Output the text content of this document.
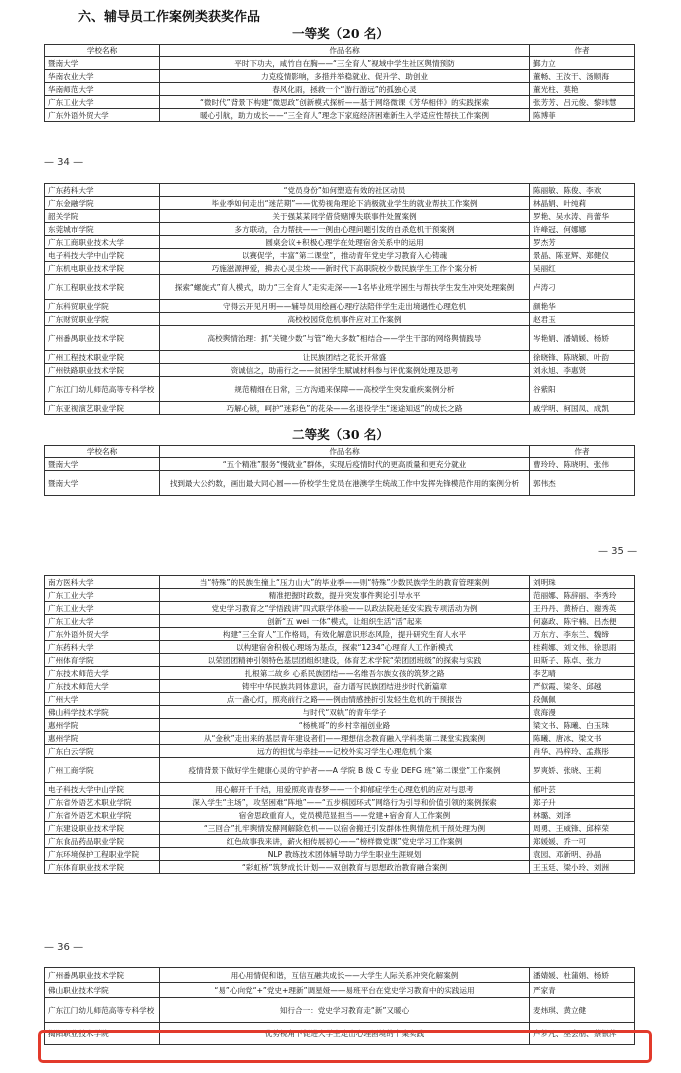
六、辅导员工作案例类获奖作品
一等奖（20 名）
学校名称	作品名称	作者
暨南大学	平时下功夫，咸竹自在胸——“三全育人”视域中学生社区舆情预防	鄞力立
华南农业大学	力克疫情影响，多措并举稳就业、促升学、助创业	董畅、王汝干、汤顺海
华南师范大学	春风化雨，拯救一个“游行游远”的孤独心灵	董光柱、莫艳
广东工业大学	“微时代”背景下构建“微思政”创新模式探析——基于网络微课《芳华相伴》的实践探索	张芳芳、吕元俊、黎玮慧
广东外语外贸大学	暖心引航，助力成长——“三全育人”理念下家庭经济困难新生入学适应性帮扶工作案例	陈博菲
— 34 —
广东药科大学	“党员身份”如何塑造有效的社区动员	陈丽敏、陈俊、李欢
广东金融学院	毕业季如何走出“迷茫期”——优势视角理论下消极就业学生的就业帮扶工作案例	林晶娟、叶纯莉
韶关学院	关于强某某同学借贷赌博失联事件处置案例	罗艳、吴水涛、肖蕾华
东莞城市学院	多方联动，合力帮扶——一例由心理问题引发的自杀危机干预案例	许峰冠、何娜娜
广东工商职业技术大学	圆桌会议+积极心理学在处理宿舍关系中的运用	罗杰芳
电子科技大学中山学院	以赛促学，丰富“第二课堂”，推动青年党史学习教育入心铸魂	景晶、陈亚辉、郑健仪
广东机电职业技术学院	巧施滋源押爱，拂去心灵尘埃——新时代下高职院校少数民族学生工作个案分析	吴丽红
广东工程职业技术学院	探索“螺旋式”育人模式，助力“三全育人”走实走深——1名毕业班学困生与帮扶学生发生冲突处理案例	卢涛刁
广东科贸职业学院	守得云开见月明——辅导员用绘画心理疗法陪伴学生走出境遇性心理危机	颜艳华
广东财贸职业学院	高校校园贷危机事件应对工作案例	赵君玉
广州番禺职业技术学院	高校舆情治理：抓“关键少数”与管“绝大多数”相结合——学生干部的网络舆情践导	岑艳娟、潘婧媛、杨娇
广州工程技术职业学院	让民族团结之花长开常盛	徐晓锋、陈晓颖、叶韵
广州铁路职业技术学院	资诚信之，助甫行之——贫困学生赋诚材料参与评优案例处理及思考	刘永旭、李惠贤
广东江门幼儿师范高等专科学校	规范精细在日常，三方沟通来保障——高校学生突发重疾案例分析	谷紫阳
广东亚视演艺职业学院	巧解心锁，呵护“迷彩色”的花朵——名退役学生“迷途知返”的成长之路	戚学明、柯国凤、成凯
二等奖（30 名）
学校名称	作品名称	作者
暨南大学	“五个精准”服务“慢就业”群体，实现后疫情时代的更高质量和更充分就业	曹玲玲、陈晓明、张伟
暨南大学	找到最大公约数，画出最大同心圆——侨校学生党员在港澳学生统战工作中发挥先锋模范作用的案例分析	郭伟杰
— 35 —
南方医科大学	当“特殊”的民族生撞上“压力山大”的毕业季——则“特殊”少数民族学生的教育管理案例	刘明珠
广东工业大学	精准把握时政数，提升突发事件舆论引导水平	范丽娜、陈辞丽、李秀玲
广东工业大学	党史学习教育之“学悟践讲”四式联学体验——以政法院赴延安实践专项活动为例	王丹丹、黄桥白、谢秀英
广东工业大学	创新“五 wei 一体”模式，让组织生活“活”起来	何嘉政、陈宇楠、吕杰便
广东外语外贸大学	构建“三全育人”工作格局，有效化解意识形态风险，提升研究生育人水平	万东方、李东兰、魏缔
广东药科大学	以构建宿舍积极心理场为基点，探索“1234”心理育人工作新模式	桂莉娜、刘文伟、徐思雨
广州体育学院	以荣团团精神引领特色基层团组织建设，体育艺术学院“荣团团班级”的探索与实践	田斯子、陈卓、张力
广东技术师范大学	扎根第二故乡 心系民族团结——名维吾尔族女孩的筑梦之路	李艺晴
广东技术师范大学	铸牢中华民族共同体意识，奋力谱写民族团结进步时代新篇章	严似霞、梁冬、邱越
广州大学	点一盏心灯，照亮前行之路——例由情感挫折引发轻生危机的干预报告	段佩佩
佛山科学技术学院	与时代“双轨”的青年学子	袁海漫
惠州学院	“杨桃哥”的乡村幸福创业路	梁文书、陈曦、白玉珠
惠州学院	从“金秋”走出来的基层青年建设者们——理想信念教育融入学科类第二课堂实践案例	陈曦、唐冰、梁文书
广东白云学院	远方的担忧与牵挂——记校外实习学生心理危机个案	肖华、冯梓玲、孟燕彤
广州工商学院	疫情背景下做好学生健康心灵的守护者——A 学院 B 级 C 专业 DEFG 班“第二课堂”工作案例	罗爽娇、张晓、王莉
电子科技大学中山学院	用心解开千千结，用爱照亮青春梦——一个抑郁症学生心理危机的应对与思考	郁叶芸
广东省外语艺术职业学院	深入学生“主场”，攻坚困难“阵地”——“五步棋园环式”网络行为引导和价值引领的案例探索	郑子升
广东省外语艺术职业学院	宿舍思政重育人，党员模范显担当——党建+宿舍育人工作案例	林璐、刘泽
广东建设职业技术学院	“三回合”扎牢舆情发酵网解除危机——以宿舍搬迁引发群体性舆情危机干预处理为例	周勇、王威锋、邱梓荣
广东食品药品职业学院	红色故事我来讲，薪火相传展初心——“榜样微党课”党史学习工作案例	郑媛媛、乔一可
广东环境保护工程职业学院	NLP 教练技术团体辅导助力学生职业生涯规划	袁园、邓新明、孙晶
广东体育职业技术学院	“彩虹桥”筑梦成长计划——双创教育与思想政治教育融合案例	王玉廷、梁小玲、刘洲
— 36 —
广州番禺职业技术学院	用心用情促和谐，互信互融共成长——大学生人际关系冲突化解案例	潘婧媛、杜蒲娟、杨娇
佛山职业技术学院	“易”心向党“+”党史+理新”调星娅——易班平台在党史学习教育中的实践运用	严家青
广东江门幼儿师范高等专科学校	知行合一：党史学习教育走“新”又暖心	麦炜琪、黄立健
揭阳职业技术学院	优势视角下促进大学生走出心理困境的个案实践	卢梦凡、巫会朋、蔡银萍
